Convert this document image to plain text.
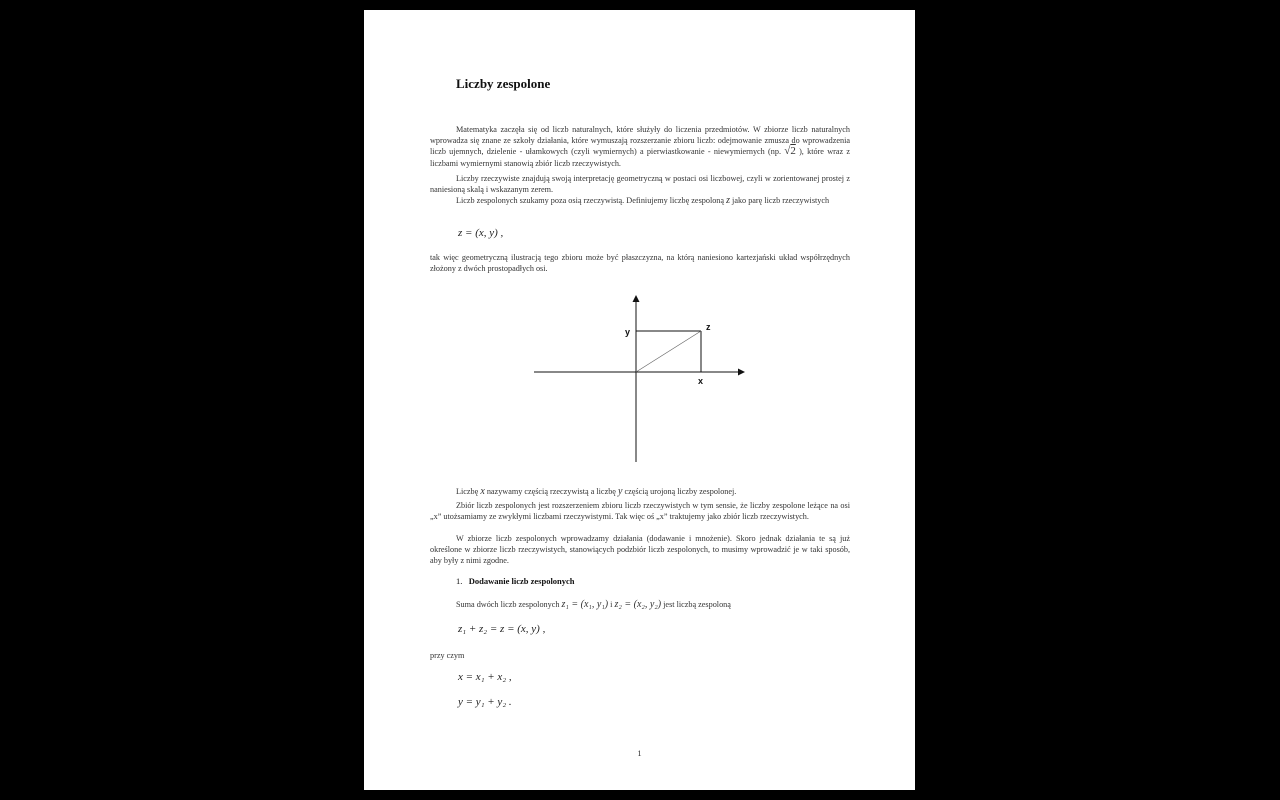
Liczby zespolone

Matematyka zaczęła się od liczb naturalnych, które służyły do liczenia przedmiotów. W zbiorze liczb naturalnych wprowadza się znane ze szkoły działania, które wymuszają rozszerzanie zbioru liczb: odejmowanie zmusza do wprowadzenia liczb ujemnych, dzielenie - ułamkowych (czyli wymiernych) a pierwiastkowanie - niewymiernych (np. √2 ), które wraz z liczbami wymiernymi stanowią zbiór liczb rzeczywistych.

Liczby rzeczywiste znajdują swoją interpretację geometryczną w postaci osi liczbowej, czyli w zorientowanej prostej z naniesioną skalą i wskazanym zerem.

Liczb zespolonych szukamy poza osią rzeczywistą. Definiujemy liczbę zespoloną z jako parę liczb rzeczywistych

z = (x, y) ,

tak więc geometryczną ilustracją tego zbioru może być płaszczyzna, na którą naniesiono kartezjański układ współrzędnych złożony z dwóch prostopadłych osi.

y	z
x

Liczbę x nazywamy częścią rzeczywistą a liczbę y częścią urojoną liczby zespolonej.

Zbiór liczb zespolonych jest rozszerzeniem zbioru liczb rzeczywistych w tym sensie, że liczby zespolone leżące na osi „x” utożsamiamy ze zwykłymi liczbami rzeczywistymi. Tak więc oś „x” traktujemy jako zbiór liczb rzeczywistych.

W zbiorze liczb zespolonych wprowadzamy działania (dodawanie i mnożenie). Skoro jednak działania te są już określone w zbiorze liczb rzeczywistych, stanowiących podzbiór liczb zespolonych, to musimy wprowadzić je w taki sposób, aby były z nimi zgodne.

1. Dodawanie liczb zespolonych

Suma dwóch liczb zespolonych z₁ = (x₁, y₁) i z₂ = (x₂, y₂) jest liczbą zespoloną

z₁ + z₂ = z = (x, y) ,

przy czym

x = x₁ + x₂ ,
y = y₁ + y₂ .
1
